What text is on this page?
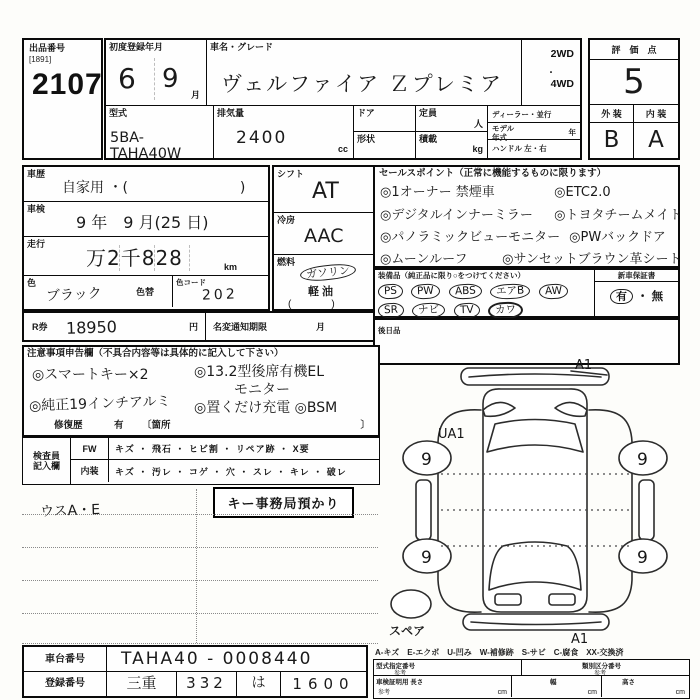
出品番号
[1891]
2107
初度登録年月
6 9
月
車名・グレード
ヴェルファイア Ｚプレミア
2WD
・
4WD
型式
5BA-TAHA40W
排気量
2400
cc
ドア
形状
定員
人
積載
kg
ディーラー・並行
モデル年式
年
ハンドル 左・右
評　価　点
5
外 装	内 装
B	A
車歴
自家用 ・(　　　　　　　　)
車検
9 年　9 月(25 日)
走行
万2千828	km
色
ブラック	色替
色コード
202
シフト
AT
冷房
AAC
燃料
ガソリン
軽 油
(　　　　)
R券 18950	円 名変通知期限	月
セールスポイント（正常に機能するものに限ります）
◎1オーナー 禁煙車	◎ETC2.0
◎デジタルインナーミラー ◎トヨタチームメイト
◎パノラミックビューモニター ◎PWバックドア
◎ムーンルーフ	◎サンセットブラウン革シート
装備品（純正品に限り○をつけてください）
PS PW ABS エアB AW
SR ナビ TV カワ
新車保証書
有 ・ 無
後日品
注意事項申告欄（不具合内容等は具体的に記入して下さい）
◎スマートキー×2	◎13.2型後席有機EL
モニター
◎純正19インチアルミ ◎置くだけ充電 ◎BSM
修復歴	有 〔箇所	〕
検査員
記入欄
FW	キズ ・ 飛石 ・ ヒビ割 ・ リペア跡 ・ X要
内装	キズ ・ 汚レ ・ コゲ ・ 穴 ・ スレ ・ キレ ・ 破レ
キー事務局預かり
ウスA・E
A1
UA1
9	9
9	9
A1
スペア
A-キズ　E-エクボ　U-凹み　W-補修跡　S-サビ　C-腐食　XX-交換済
車台番号	TAHA40 - 0008440
登録番号	三重	332	は	1600
型式指定番号
参考
類別区分番号
参考
車検証明用 長さ
参考	cm
幅
cm
高さ
cm
